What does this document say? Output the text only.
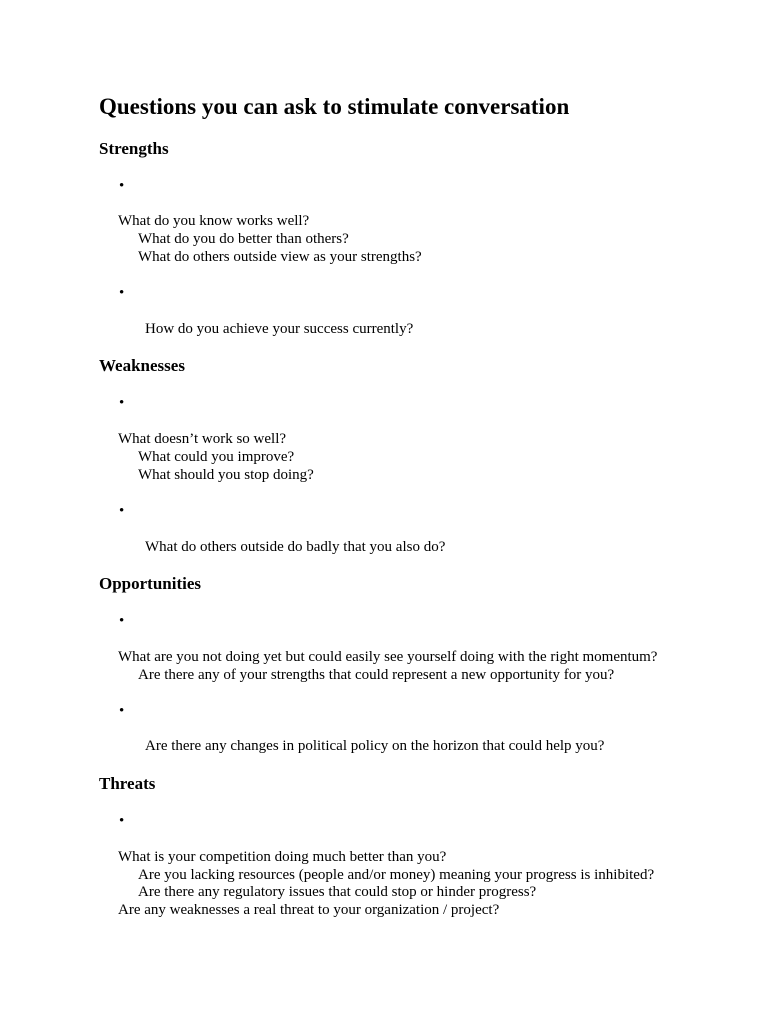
Questions you can ask to stimulate conversation
Strengths
•
What do you know works well?
What do you do better than others?
What do others outside view as your strengths?
•
How do you achieve your success currently?
Weaknesses
•
What doesn’t work so well?
What could you improve?
What should you stop doing?
•
What do others outside do badly that you also do?
Opportunities
•
What are you not doing yet but could easily see yourself doing with the right momentum?
Are there any of your strengths that could represent a new opportunity for you?
•
Are there any changes in political policy on the horizon that could help you?
Threats
•
What is your competition doing much better than you?
Are you lacking resources (people and/or money) meaning your progress is inhibited?
Are there any regulatory issues that could stop or hinder progress?
Are any weaknesses a real threat to your organization / project?
